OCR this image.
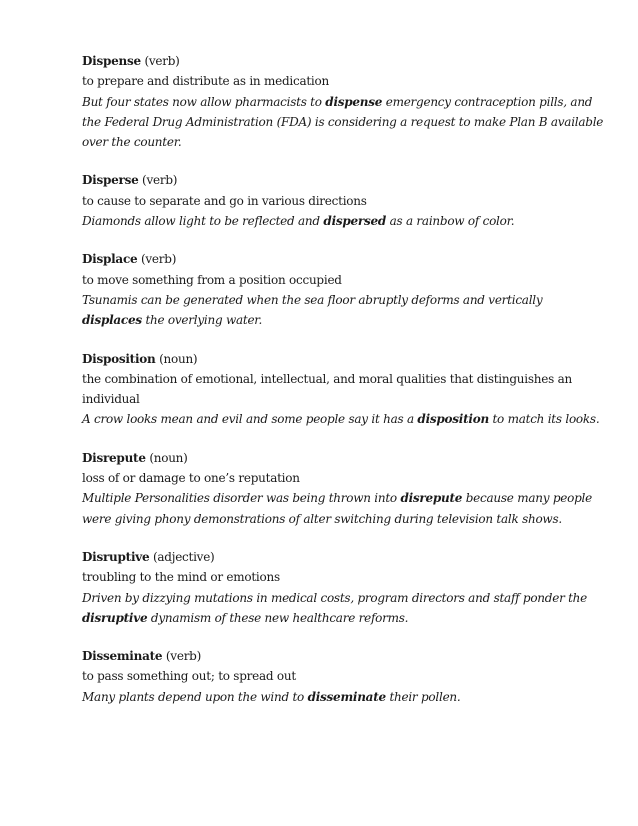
Dispense (verb)
to prepare and distribute as in medication
But four states now allow pharmacists to dispense emergency contraception pills, and
the Federal Drug Administration (FDA) is considering a request to make Plan B available
over the counter.
Disperse (verb)
to cause to separate and go in various directions
Diamonds allow light to be reflected and dispersed as a rainbow of color.
Displace (verb)
to move something from a position occupied
Tsunamis can be generated when the sea floor abruptly deforms and vertically
displaces the overlying water.
Disposition (noun)
the combination of emotional, intellectual, and moral qualities that distinguishes an
individual
A crow looks mean and evil and some people say it has a disposition to match its looks.
Disrepute (noun)
loss of or damage to one’s reputation
Multiple Personalities disorder was being thrown into disrepute because many people
were giving phony demonstrations of alter switching during television talk shows.
Disruptive (adjective)
troubling to the mind or emotions
Driven by dizzying mutations in medical costs, program directors and staff ponder the
disruptive dynamism of these new healthcare reforms.
Disseminate (verb)
to pass something out; to spread out
Many plants depend upon the wind to disseminate their pollen.
